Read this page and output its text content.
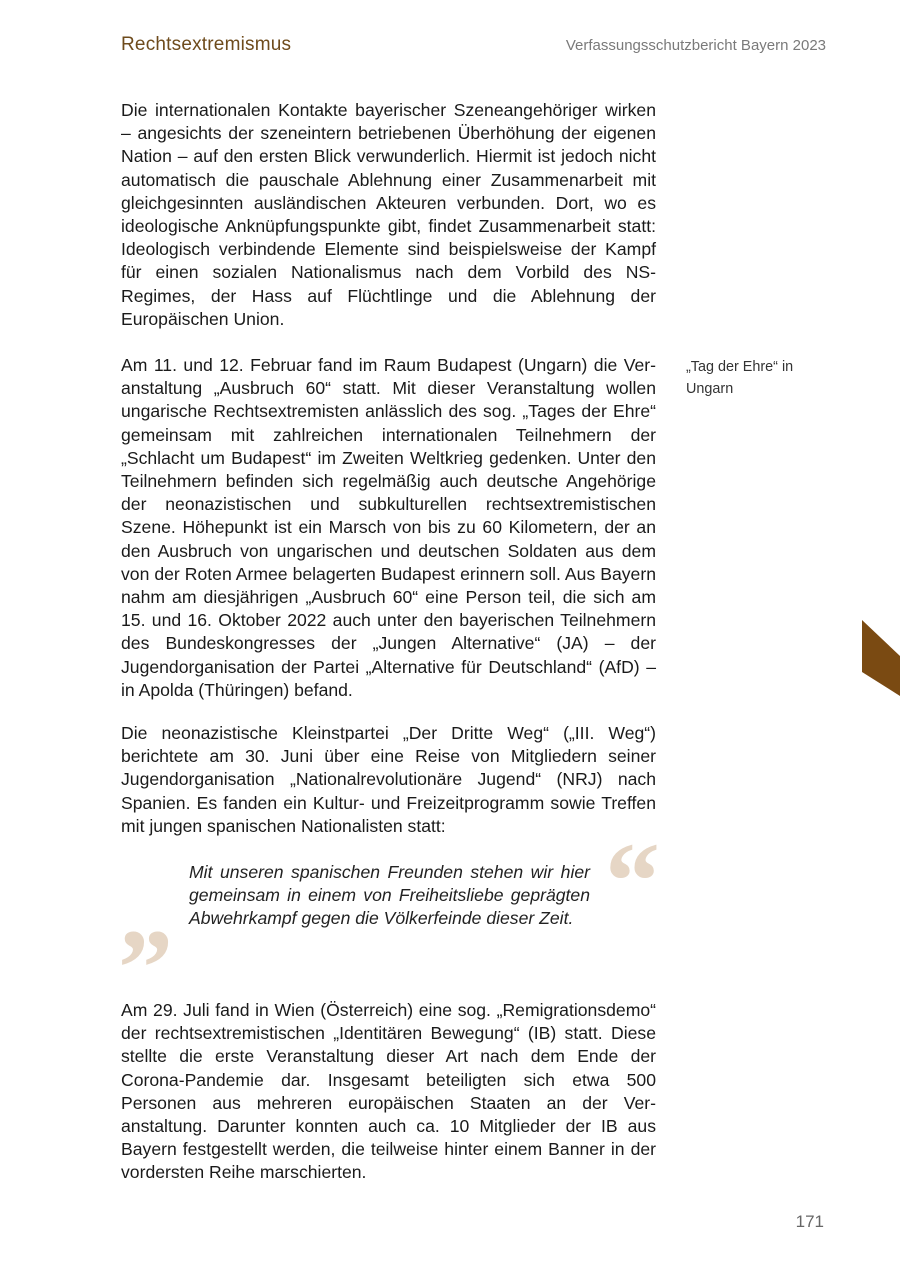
Rechtsextremismus	Verfassungsschutzbericht Bayern 2023

Die internationalen Kontakte bayerischer Szeneangehöriger wirken – angesichts der szeneintern betriebenen Überhöhung der eigenen Nation – auf den ersten Blick verwunderlich. Hiermit ist jedoch nicht automatisch die pauschale Ablehnung einer Zusammenarbeit mit gleichgesinnten ausländischen Akteuren verbunden. Dort, wo es ideologische Anknüpfungspunkte gibt, findet Zusammenarbeit statt: Ideologisch verbindende Elemente sind beispielsweise der Kampf für einen sozialen Nationalismus nach dem Vorbild des NS-Regimes, der Hass auf Flüchtlinge und die Ablehnung der Europäischen Union.

Am 11. und 12. Februar fand im Raum Budapest (Ungarn) die Veranstaltung „Ausbruch 60“ statt. Mit dieser Veranstaltung wollen ungarische Rechtsextremisten anlässlich des sog. „Tages der Ehre“ gemeinsam mit zahlreichen internationalen Teilnehmern der „Schlacht um Budapest“ im Zweiten Weltkrieg gedenken. Unter den Teilnehmern befinden sich regelmäßig auch deutsche Angehörige der neonazistischen und subkulturellen rechtsextremistischen Szene. Höhepunkt ist ein Marsch von bis zu 60 Kilometern, der an den Ausbruch von ungarischen und deutschen Soldaten aus dem von der Roten Armee belagerten Budapest erinnern soll. Aus Bayern nahm am diesjährigen „Ausbruch 60“ eine Person teil, die sich am 15. und 16. Oktober 2022 auch unter den bayerischen Teilnehmern des Bundeskongresses der „Jungen Alternative“ (JA) – der Jugendorganisation der Partei „Alternative für Deutschland“ (AfD) – in Apolda (Thüringen) befand.

„Tag der Ehre“ in Ungarn

Die neonazistische Kleinstpartei „Der Dritte Weg“ („III. Weg“) berichtete am 30. Juni über eine Reise von Mitgliedern seiner Jugendorganisation „Nationalrevolutionäre Jugend“ (NRJ) nach Spanien. Es fanden ein Kultur- und Freizeitprogramm sowie Treffen mit jungen spanischen Nationalisten statt:	“

Mit unseren spanischen Freunden stehen wir hier gemeinsam in einem von Freiheitsliebe geprägten Abwehrkampf gegen die Völkerfeinde dieser Zeit.

”

Am 29. Juli fand in Wien (Österreich) eine sog. „Remigrationsdemo“ der rechtsextremistischen „Identitären Bewegung“ (IB) statt. Diese stellte die erste Veranstaltung dieser Art nach dem Ende der Corona-Pandemie dar. Insgesamt beteiligten sich etwa 500 Personen aus mehreren europäischen Staaten an der Veranstaltung. Darunter konnten auch ca. 10 Mitglieder der IB aus Bayern festgestellt werden, die teilweise hinter einem Banner in der vordersten Reihe marschierten.

171
